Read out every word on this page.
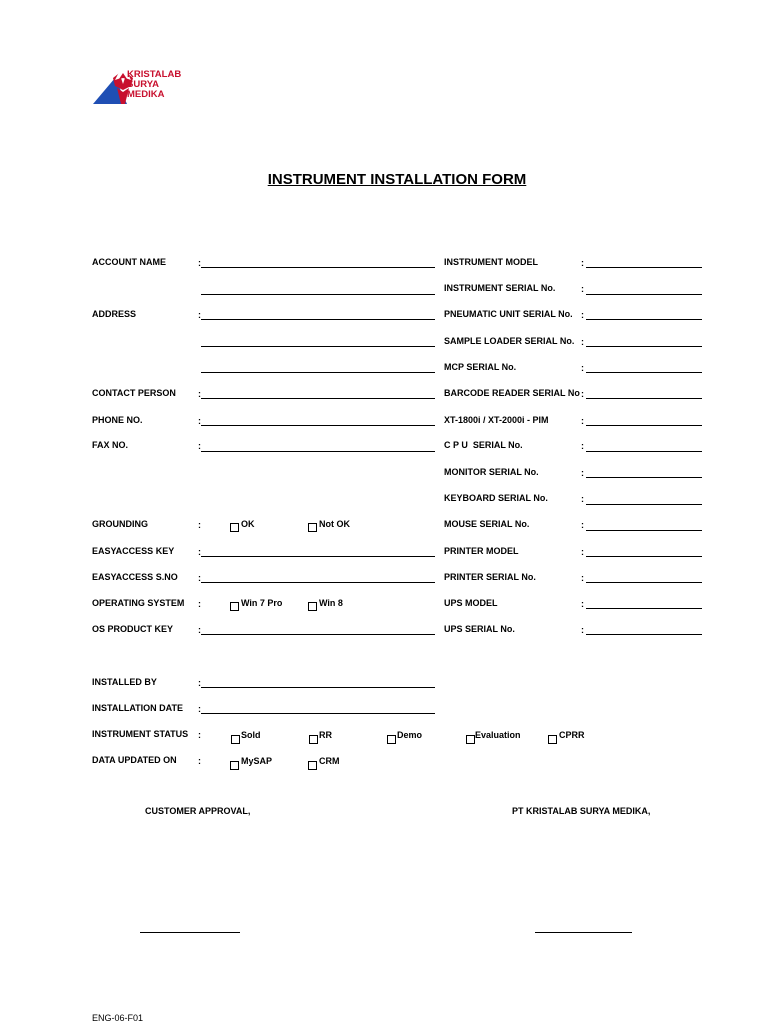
KRISTALAB
SURYA
MEDIKA
INSTRUMENT INSTALLATION FORM
ACCOUNT NAME	:
ADDRESS	:
CONTACT PERSON :
PHONE NO.	:
FAX NO.	:
GROUNDING	:	OK	Not OK
EASYACCESS KEY	:
EASYACCESS S.NO :
OPERATING SYSTEM :	Win 7 Pro	Win 8
OS PRODUCT KEY	:
INSTALLED BY	:
INSTALLATION DATE :
INSTRUMENT STATUS :	Sold	RR	Demo	Evaluation	CPRR
DATA UPDATED ON :	MySAP	CRM
INSTRUMENT MODEL	:
INSTRUMENT SERIAL No.	:
PNEUMATIC UNIT SERIAL No. :
SAMPLE LOADER SERIAL No. :
MCP SERIAL No.	:
BARCODE READER SERIAL No :
XT-1800i / XT-2000i - PIM	:
C P U  SERIAL No.	:
MONITOR SERIAL No.	:
KEYBOARD SERIAL No.	:
MOUSE SERIAL No.	:
PRINTER MODEL	:
PRINTER SERIAL No.	:
UPS MODEL	:
UPS SERIAL No.	:
CUSTOMER APPROVAL,	PT KRISTALAB SURYA MEDIKA,
ENG-06-F01
